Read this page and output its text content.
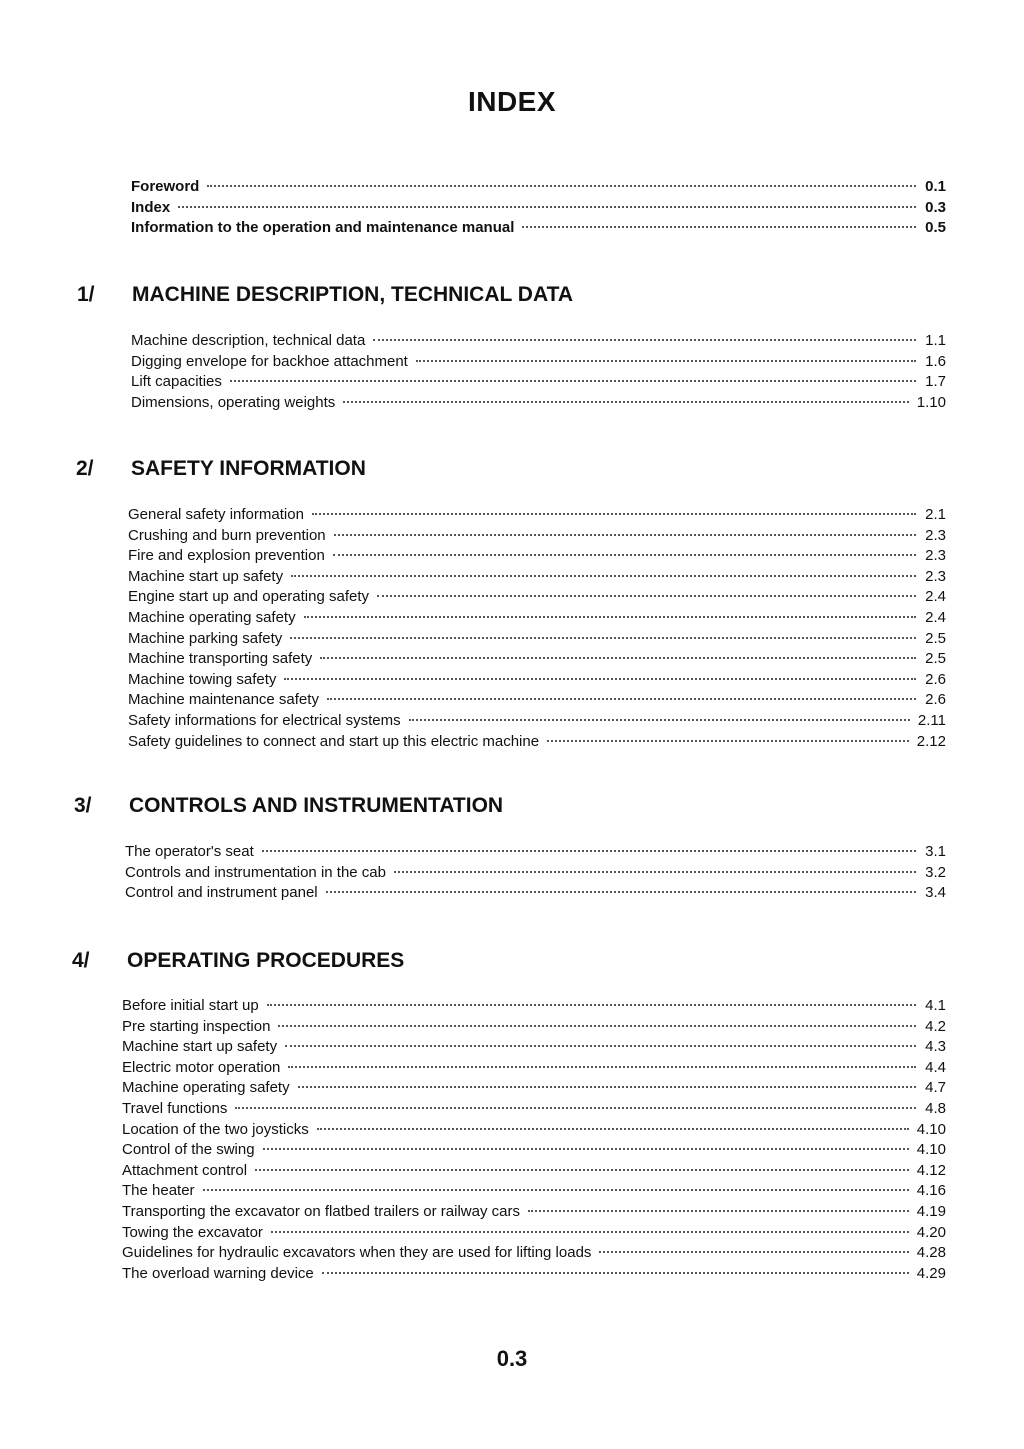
INDEX
Foreword	0.1
Index	0.3
Information to the operation and maintenance manual	0.5
1/ MACHINE DESCRIPTION, TECHNICAL DATA
Machine description, technical data	1.1
Digging envelope for backhoe attachment	1.6
Lift capacities	1.7
Dimensions, operating weights	1.10
2/ SAFETY INFORMATION
General safety information	2.1
Crushing and burn prevention	2.3
Fire and explosion prevention	2.3
Machine start up safety	2.3
Engine start up and operating safety	2.4
Machine operating safety	2.4
Machine parking safety	2.5
Machine transporting safety	2.5
Machine towing safety	2.6
Machine maintenance safety	2.6
Safety informations for electrical systems	2.11
Safety guidelines to connect and start up this electric machine	2.12
3/ CONTROLS AND INSTRUMENTATION
The operator's seat	3.1
Controls and instrumentation in the cab	3.2
Control and instrument panel	3.4
4/ OPERATING PROCEDURES
Before initial start up	4.1
Pre starting inspection	4.2
Machine start up safety	4.3
Electric motor operation	4.4
Machine operating safety	4.7
Travel functions	4.8
Location of the two joysticks	4.10
Control of the swing	4.10
Attachment control	4.12
The heater	4.16
Transporting the excavator on flatbed trailers or railway cars	4.19
Towing the excavator	4.20
Guidelines for hydraulic excavators when they are used for lifting loads	4.28
The overload warning device	4.29
0.3
